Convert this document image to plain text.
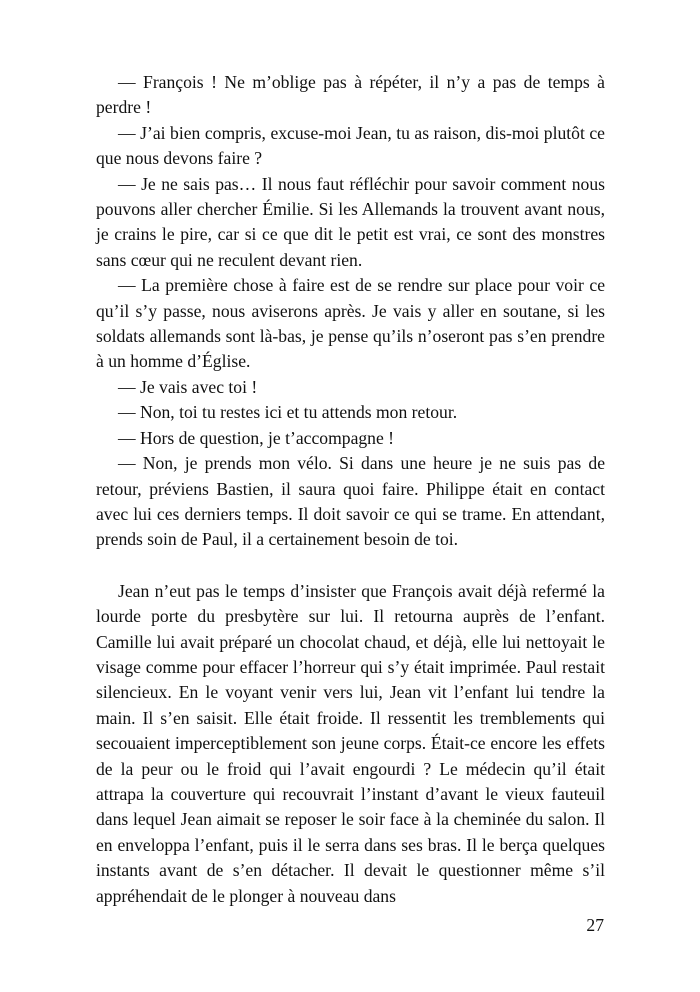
— François ! Ne m’oblige pas à répéter, il n’y a pas de temps à perdre !

— J’ai bien compris, excuse-moi Jean, tu as raison, dis-moi plutôt ce que nous devons faire ?

— Je ne sais pas… Il nous faut réfléchir pour savoir comment nous pouvons aller chercher Émilie. Si les Allemands la trouvent avant nous, je crains le pire, car si ce que dit le petit est vrai, ce sont des monstres sans cœur qui ne reculent devant rien.

— La première chose à faire est de se rendre sur place pour voir ce qu’il s’y passe, nous aviserons après. Je vais y aller en soutane, si les soldats allemands sont là-bas, je pense qu’ils n’oseront pas s’en prendre à un homme d’Église.

— Je vais avec toi !

— Non, toi tu restes ici et tu attends mon retour.

— Hors de question, je t’accompagne !

— Non, je prends mon vélo. Si dans une heure je ne suis pas de retour, préviens Bastien, il saura quoi faire. Philippe était en contact avec lui ces derniers temps. Il doit savoir ce qui se trame. En attendant, prends soin de Paul, il a certainement besoin de toi.

Jean n’eut pas le temps d’insister que François avait déjà refermé la lourde porte du presbytère sur lui. Il retourna auprès de l’enfant. Camille lui avait préparé un chocolat chaud, et déjà, elle lui nettoyait le visage comme pour effacer l’horreur qui s’y était imprimée. Paul restait silencieux. En le voyant venir vers lui, Jean vit l’enfant lui tendre la main. Il s’en saisit. Elle était froide. Il ressentit les tremblements qui secouaient imperceptiblement son jeune corps. Était-ce encore les effets de la peur ou le froid qui l’avait engourdi ? Le médecin qu’il était attrapa la couverture qui recouvrait l’instant d’avant le vieux fauteuil dans lequel Jean aimait se reposer le soir face à la cheminée du salon. Il en enveloppa l’enfant, puis il le serra dans ses bras. Il le berça quelques instants avant de s’en détacher. Il devait le questionner même s’il appréhendait de le plonger à nouveau dans

27
